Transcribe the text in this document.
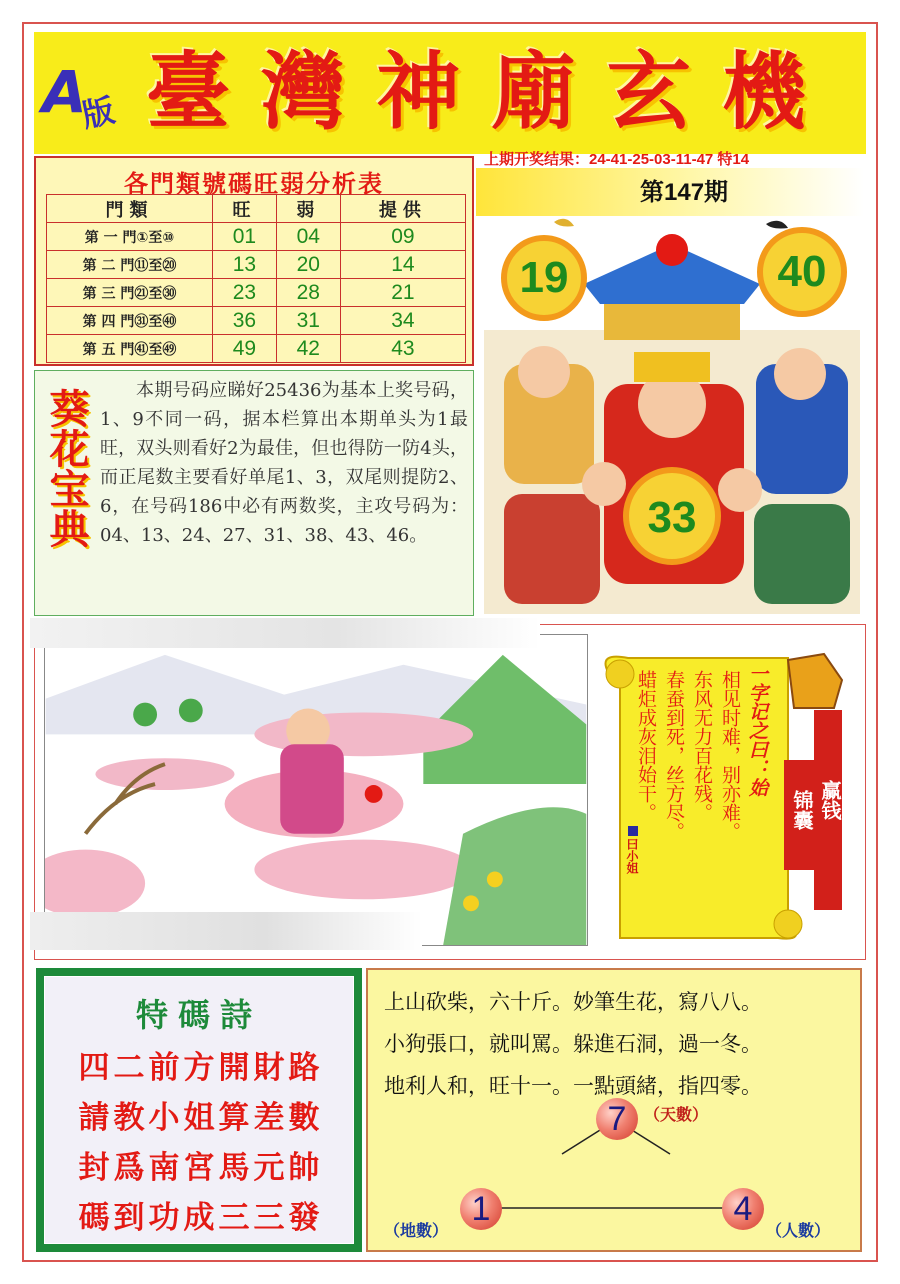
A
版 臺 灣 神 廟 玄 機
上期开奖结果：24-41-25-03-11-47 特14
第147期
各門類號碼旺弱分析表
門類	旺	弱	提供
第 一 門①至⑩	01	04	09
第 二 門⑪至⑳	13	20	14
第 三 門㉑至㉚	23	28	21
第 四 門㉛至㊵	36	31	34
第 五 門㊶至㊾	49	42	43
葵花宝典	本期号码应睇好25436为基本上奖号码，1、9不同一码，据本栏算出本期单头为1最旺，双头则看好2为最佳，但也得防一防4头， 而正尾数主要看好单尾1、3，双尾则提防2、6，在号码186中必有两数奖，主攻号码为：04、13、24、27、31、38、43、46。
19	40
33
一字记之曰：始
相见时难，别亦难。
东风无力百花残。
春蚕到死，丝方尽。
蜡炬成灰泪始干。
曰小姐
赢钱
锦囊
特碼詩
四二前方開財路
請教小姐算差數
封爲南宮馬元帥
碼到功成三三發
上山砍柴，六十斤。妙筆生花，寫八八。
小狗張口，就叫罵。躲進石洞，過一冬。
地利人和，旺十一。一點頭緒，指四零。
7	（天數）
1
（地數）
4
（人數）
